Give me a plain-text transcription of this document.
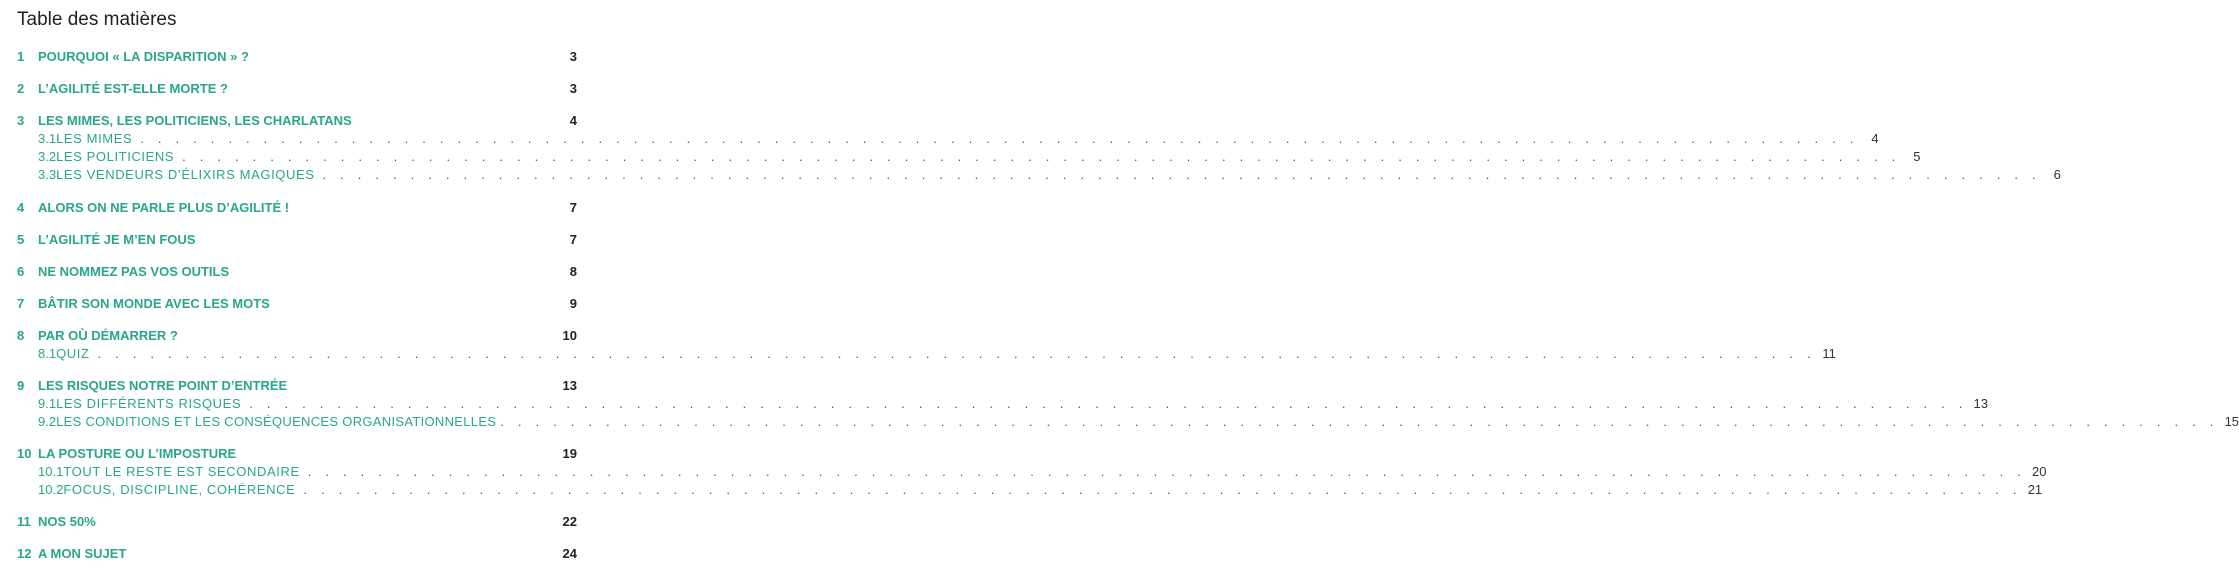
Table des matières
1	POURQUOI « LA DISPARITION » ?	3
2	L’AGILITÉ EST-ELLE MORTE ?	3
3	LES MIMES, LES POLITICIENS, LES CHARLATANS	4
3.1 LES MIMES . . . . . . . . . . . . . . . . . . . . . . . . . . . . . . . . . . . . . . . . . . . . . . . . . . . . . . . . . . . . . . . . . . . . . . . . . . . . . . . . . . . . . . . . . . . . . . . . . . 4
3.2 LES POLITICIENS . . . . . . . . . . . . . . . . . . . . . . . . . . . . . . . . . . . . . . . . . . . . . . . . . . . . . . . . . . . . . . . . . . . . . . . . . . . . . . . . . . . . . . . . . . . . . . . . . . 5
3.3 LES VENDEURS D’ÉLIXIRS MAGIQUES . . . . . . . . . . . . . . . . . . . . . . . . . . . . . . . . . . . . . . . . . . . . . . . . . . . . . . . . . . . . . . . . . . . . . . . . . . . . . . . . . . . . . . . . . . . . . . . . . . 6
4	ALORS ON NE PARLE PLUS D’AGILITÉ !	7
5	L’AGILITÉ JE M’EN FOUS	7
6	NE NOMMEZ PAS VOS OUTILS	8
7	BÂTIR SON MONDE AVEC LES MOTS	9
8	PAR OÙ DÉMARRER ?	10
8.1 QUIZ . . . . . . . . . . . . . . . . . . . . . . . . . . . . . . . . . . . . . . . . . . . . . . . . . . . . . . . . . . . . . . . . . . . . . . . . . . . . . . . . . . . . . . . . . . . . . . . . . . 11
9	LES RISQUES NOTRE POINT D’ENTRÉE	13
9.1 LES DIFFÉRENTS RISQUES . . . . . . . . . . . . . . . . . . . . . . . . . . . . . . . . . . . . . . . . . . . . . . . . . . . . . . . . . . . . . . . . . . . . . . . . . . . . . . . . . . . . . . . . . . . . . . . . . . 13
9.2 LES CONDITIONS ET LES CONSÉQUENCES ORGANISATIONNELLES . . . . . . . . . . . . . . . . . . . . . . . . . . . . . . . . . . . . . . . . . . . . . . . . . . . . . . . . . . . . . . . . . . . . . . . . . . . . . . . . . . . . . . . . . . . . . . . . . . 15
10 LA POSTURE OU L’IMPOSTURE	19
10.1 TOUT LE RESTE EST SECONDAIRE . . . . . . . . . . . . . . . . . . . . . . . . . . . . . . . . . . . . . . . . . . . . . . . . . . . . . . . . . . . . . . . . . . . . . . . . . . . . . . . . . . . . . . . . . . . . . . . . . . 20
10.2 FOCUS, DISCIPLINE, COHÉRENCE . . . . . . . . . . . . . . . . . . . . . . . . . . . . . . . . . . . . . . . . . . . . . . . . . . . . . . . . . . . . . . . . . . . . . . . . . . . . . . . . . . . . . . . . . . . . . . . . . . 21
11 NOS 50%	22
12 A MON SUJET	24
